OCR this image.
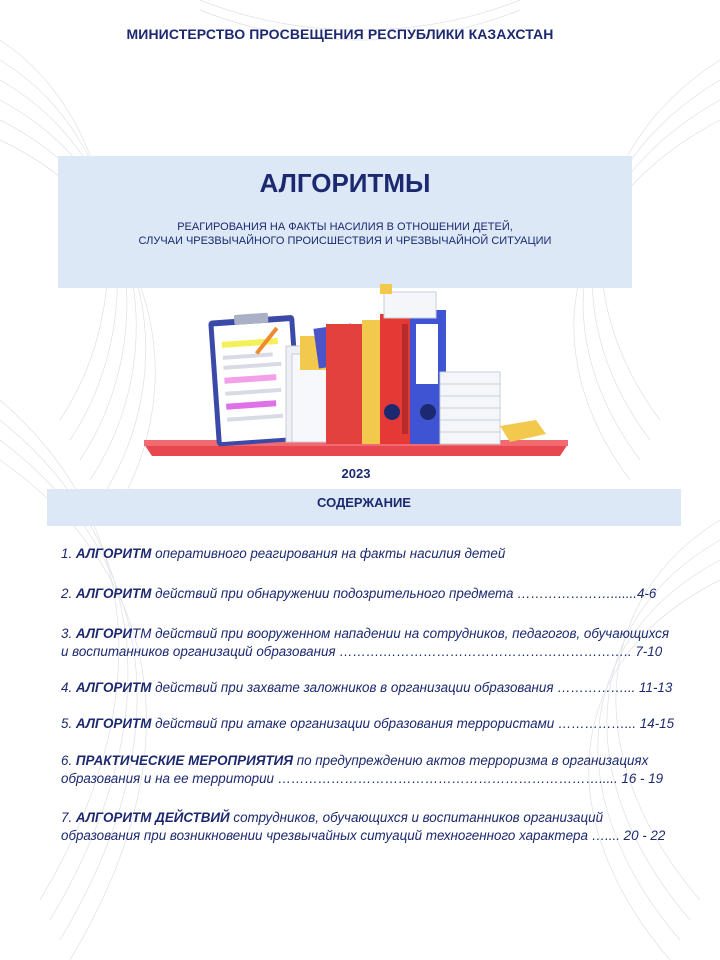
МИНИСТЕРСТВО ПРОСВЕЩЕНИЯ РЕСПУБЛИКИ КАЗАХСТАН
АЛГОРИТМЫ
РЕАГИРОВАНИЯ НА ФАКТЫ НАСИЛИЯ В ОТНОШЕНИИ ДЕТЕЙ,
СЛУЧАИ ЧРЕЗВЫЧАЙНОГО ПРОИСШЕСТВИЯ И ЧРЕЗВЫЧАЙНОЙ СИТУАЦИИ
2023
СОДЕРЖАНИЕ
1. АЛГОРИТМ оперативного реагирования на факты насилия детей
2. АЛГОРИТМ действий при обнаружении подозрительного предмета ………………….......4-6
3. АЛГОРИТМ действий при вооруженном нападении на сотрудников, педагогов, обучающихся
и воспитанников организаций образования ……….……………………………………………….. 7-10
4. АЛГОРИТМ действий при захвате заложников в организации образования ……………... 11-13
5. АЛГОРИТМ действий при атаке организации образования террористами ……………... 14-15
6. ПРАКТИЧЕСКИЕ МЕРОПРИЯТИЯ по предупреждению актов терроризма в организациях
образования и на ее территории ………………………………………………………………..... 16 - 19
7. АЛГОРИТМ ДЕЙСТВИЙ сотрудников, обучающихся и воспитанников организаций
образования при возникновении чрезвычайных ситуаций техногенного характера ….... 20 - 22
